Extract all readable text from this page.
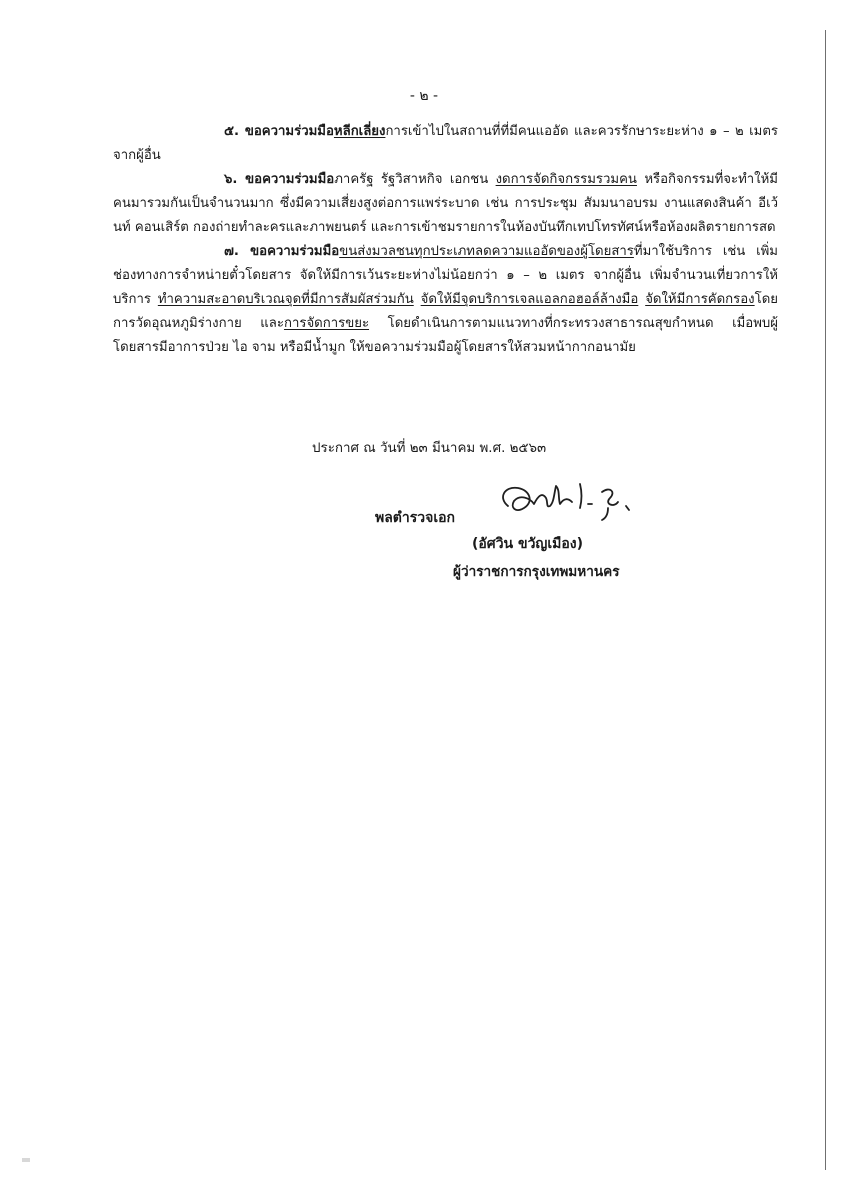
- ๒ -

๕. ขอความร่วมมือหลีกเลี่ยงการเข้าไปในสถานที่ที่มีคนแออัด และควรรักษาระยะห่าง ๑ – ๒ เมตร จากผู้อื่น

๖. ขอความร่วมมือภาครัฐ รัฐวิสาหกิจ เอกชน งดการจัดกิจกรรมรวมคน หรือกิจกรรมที่จะทำให้มีคนมารวมกันเป็นจำนวนมาก ซึ่งมีความเสี่ยงสูงต่อการแพร่ระบาด เช่น การประชุม สัมมนาอบรม งานแสดงสินค้า อีเว้นท์ คอนเสิร์ต กองถ่ายทำละครและภาพยนตร์ และการเข้าชมรายการในห้องบันทึกเทปโทรทัศน์หรือห้องผลิตรายการสด

๗. ขอความร่วมมือขนส่งมวลชนทุกประเภทลดความแออัดของผู้โดยสารที่มาใช้บริการ เช่น เพิ่มช่องทางการจำหน่ายตั๋วโดยสาร จัดให้มีการเว้นระยะห่างไม่น้อยกว่า ๑ – ๒ เมตร จากผู้อื่น เพิ่มจำนวนเที่ยวการให้บริการ ทำความสะอาดบริเวณจุดที่มีการสัมผัสร่วมกัน จัดให้มีจุดบริการเจลแอลกอฮอล์ล้างมือ จัดให้มีการคัดกรองโดยการวัดอุณหภูมิร่างกาย และการจัดการขยะ โดยดำเนินการตามแนวทางที่กระทรวงสาธารณสุขกำหนด เมื่อพบผู้โดยสารมีอาการป่วย ไอ จาม หรือมีน้ำมูก ให้ขอความร่วมมือผู้โดยสารให้สวมหน้ากากอนามัย

ประกาศ ณ วันที่ ๒๓ มีนาคม พ.ศ. ๒๕๖๓
พลตำรวจเอก
(อัศวิน ขวัญเมือง)
ผู้ว่าราชการกรุงเทพมหานคร
